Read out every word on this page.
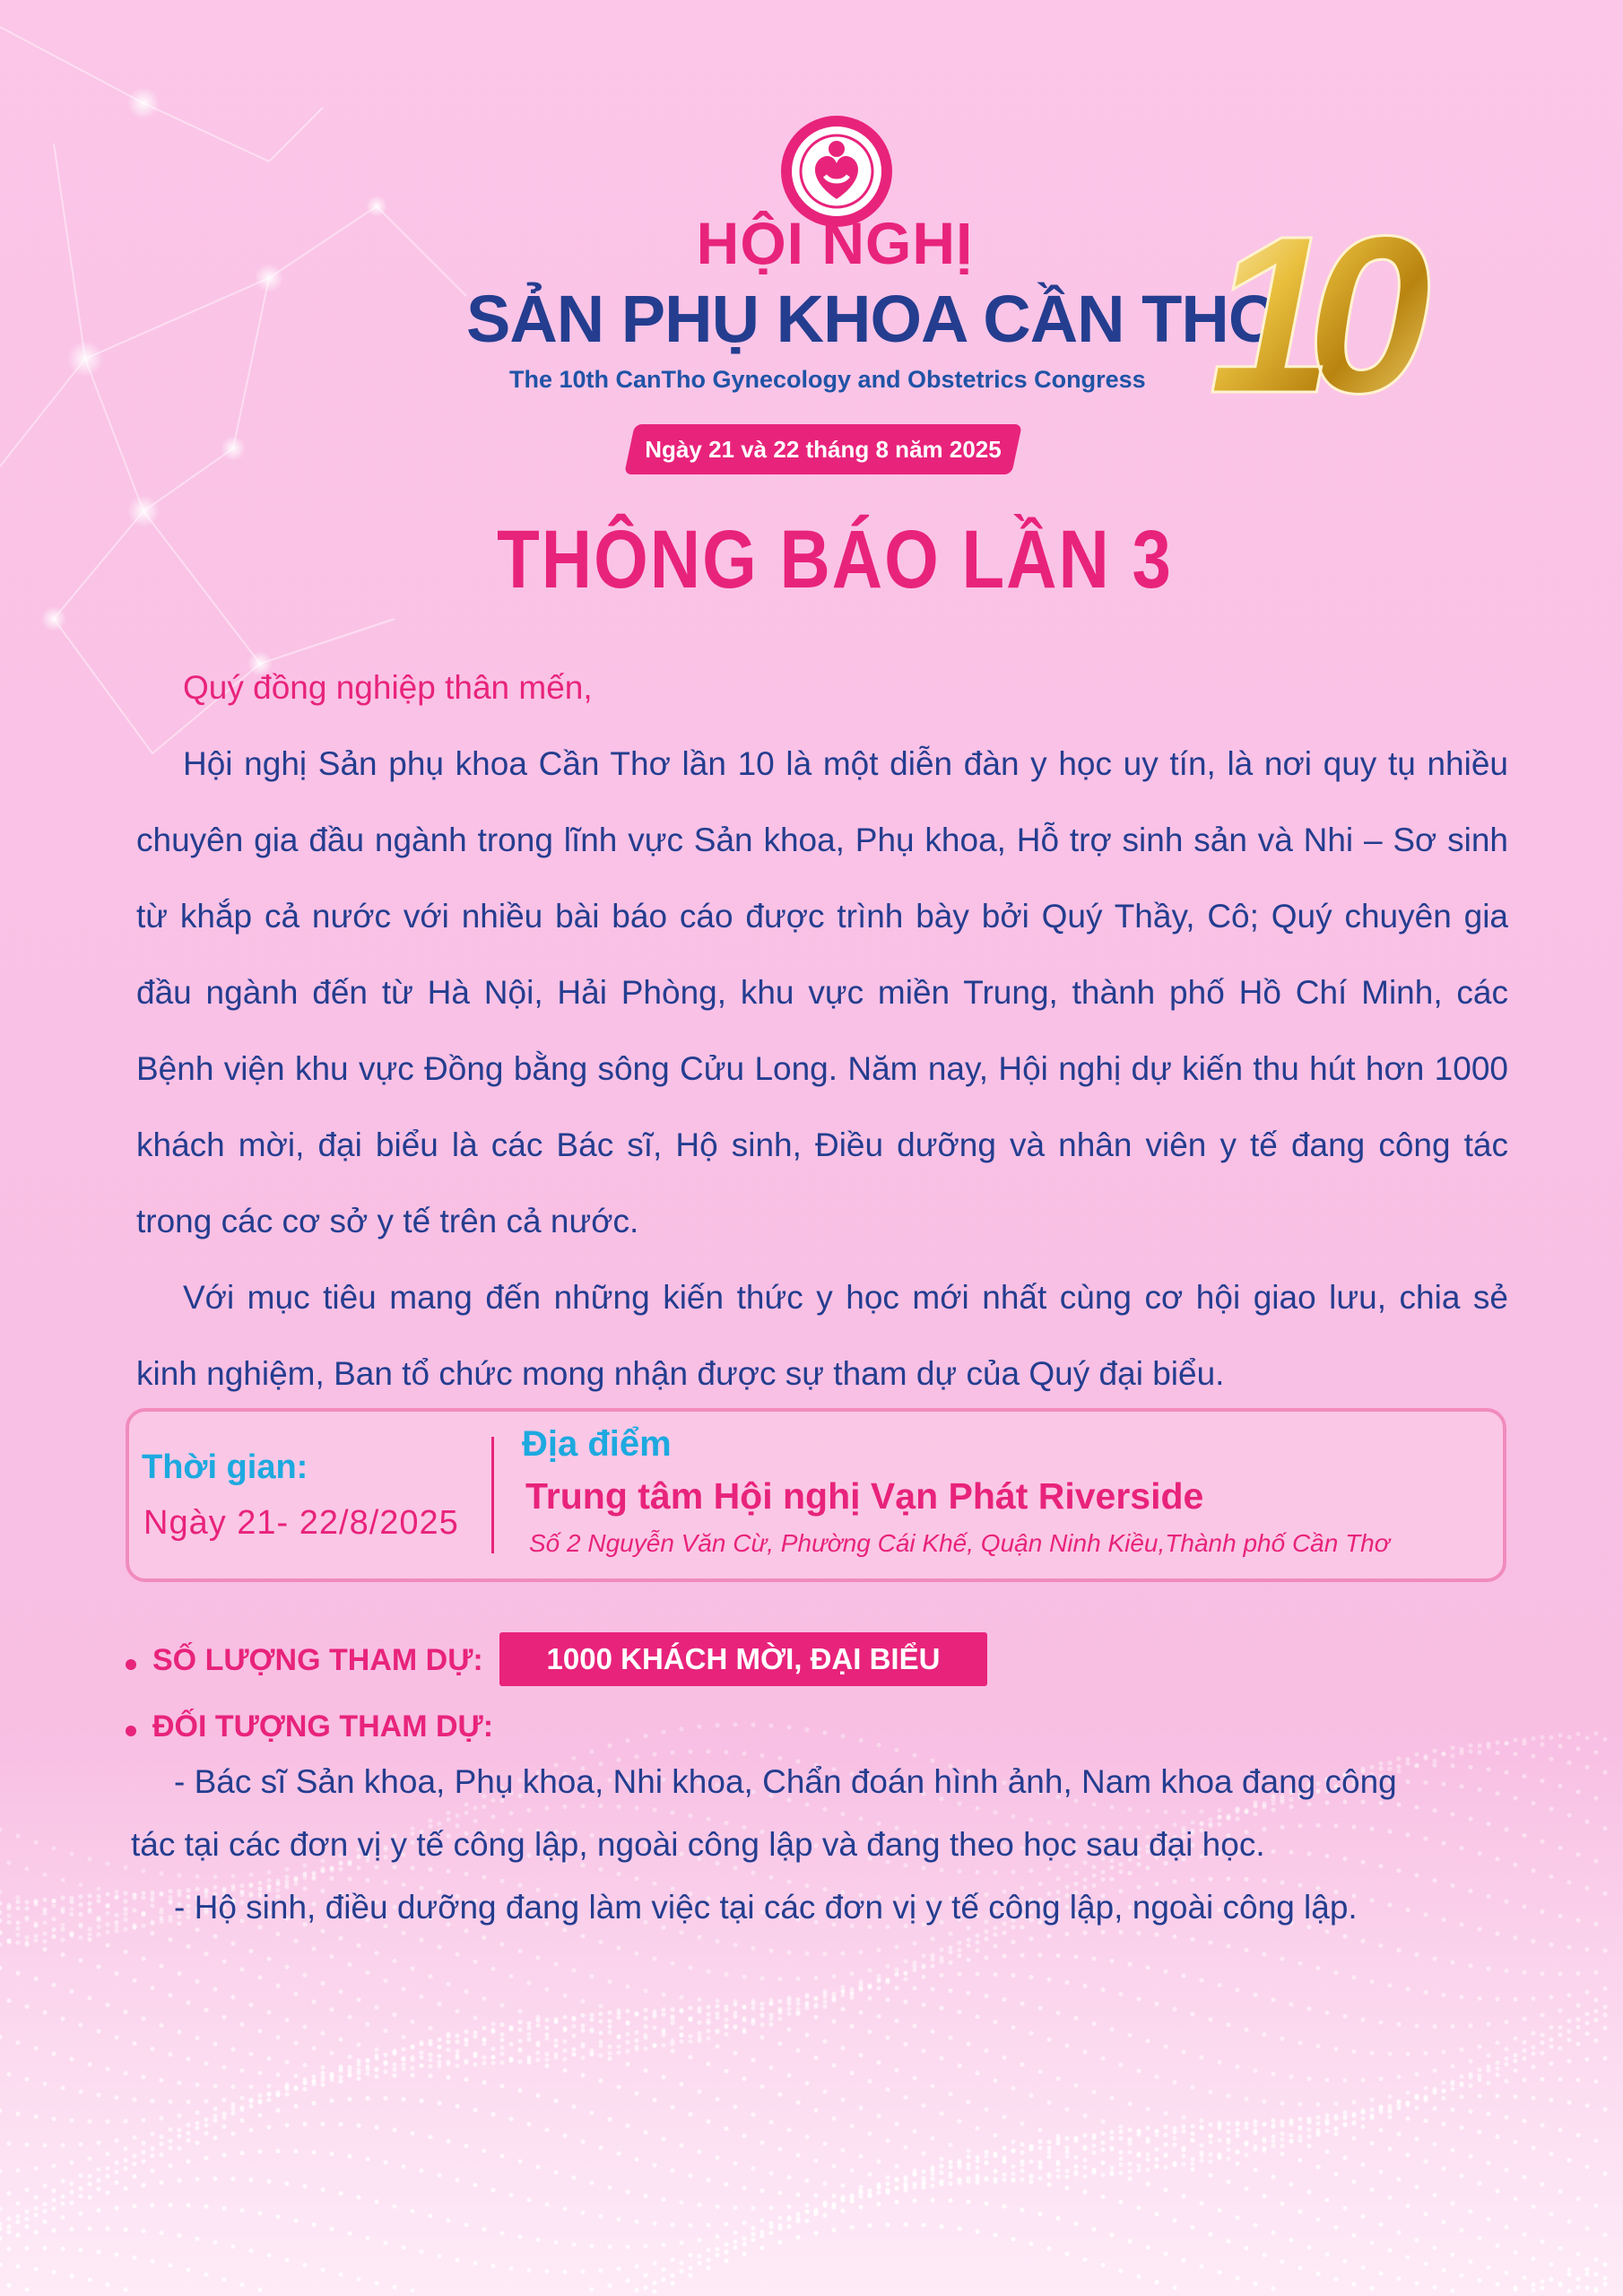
HỘI NGHỊ
SẢN PHỤ KHOA CẦN THƠ
The 10th CanTho Gynecology and Obstetrics Congress 10
Ngày 21 và 22 tháng 8 năm 2025
THÔNG BÁO LẦN 3
Quý đồng nghiệp thân mến,

Hội nghị Sản phụ khoa Cần Thơ lần 10 là một diễn đàn y học uy tín, là nơi quy tụ nhiều chuyên gia đầu ngành trong lĩnh vực Sản khoa, Phụ khoa, Hỗ trợ sinh sản và Nhi – Sơ sinh từ khắp cả nước với nhiều bài báo cáo được trình bày bởi Quý Thầy, Cô; Quý chuyên gia đầu ngành đến từ Hà Nội, Hải Phòng, khu vực miền Trung, thành phố Hồ Chí Minh, các Bệnh viện khu vực Đồng bằng sông Cửu Long. Năm nay, Hội nghị dự kiến thu hút hơn 1000 khách mời, đại biểu là các Bác sĩ, Hộ sinh, Điều dưỡng và nhân viên y tế đang công tác trong các cơ sở y tế trên cả nước.

Với mục tiêu mang đến những kiến thức y học mới nhất cùng cơ hội giao lưu, chia sẻ kinh nghiệm, Ban tổ chức mong nhận được sự tham dự của Quý đại biểu.

Thời gian:
Ngày 21- 22/8/2025
Địa điểm
Trung tâm Hội nghị Vạn Phát Riverside
Số 2 Nguyễn Văn Cừ, Phường Cái Khế, Quận Ninh Kiều,Thành phố Cần Thơ
SỐ LƯỢNG THAM DỰ:	1000 KHÁCH MỜI, ĐẠI BIỂU
ĐỐI TƯỢNG THAM DỰ:
- Bác sĩ Sản khoa, Phụ khoa, Nhi khoa, Chẩn đoán hình ảnh, Nam khoa đang công
tác tại các đơn vị y tế công lập, ngoài công lập và đang theo học sau đại học.
- Hộ sinh, điều dưỡng đang làm việc tại các đơn vị y tế công lập, ngoài công lập.
